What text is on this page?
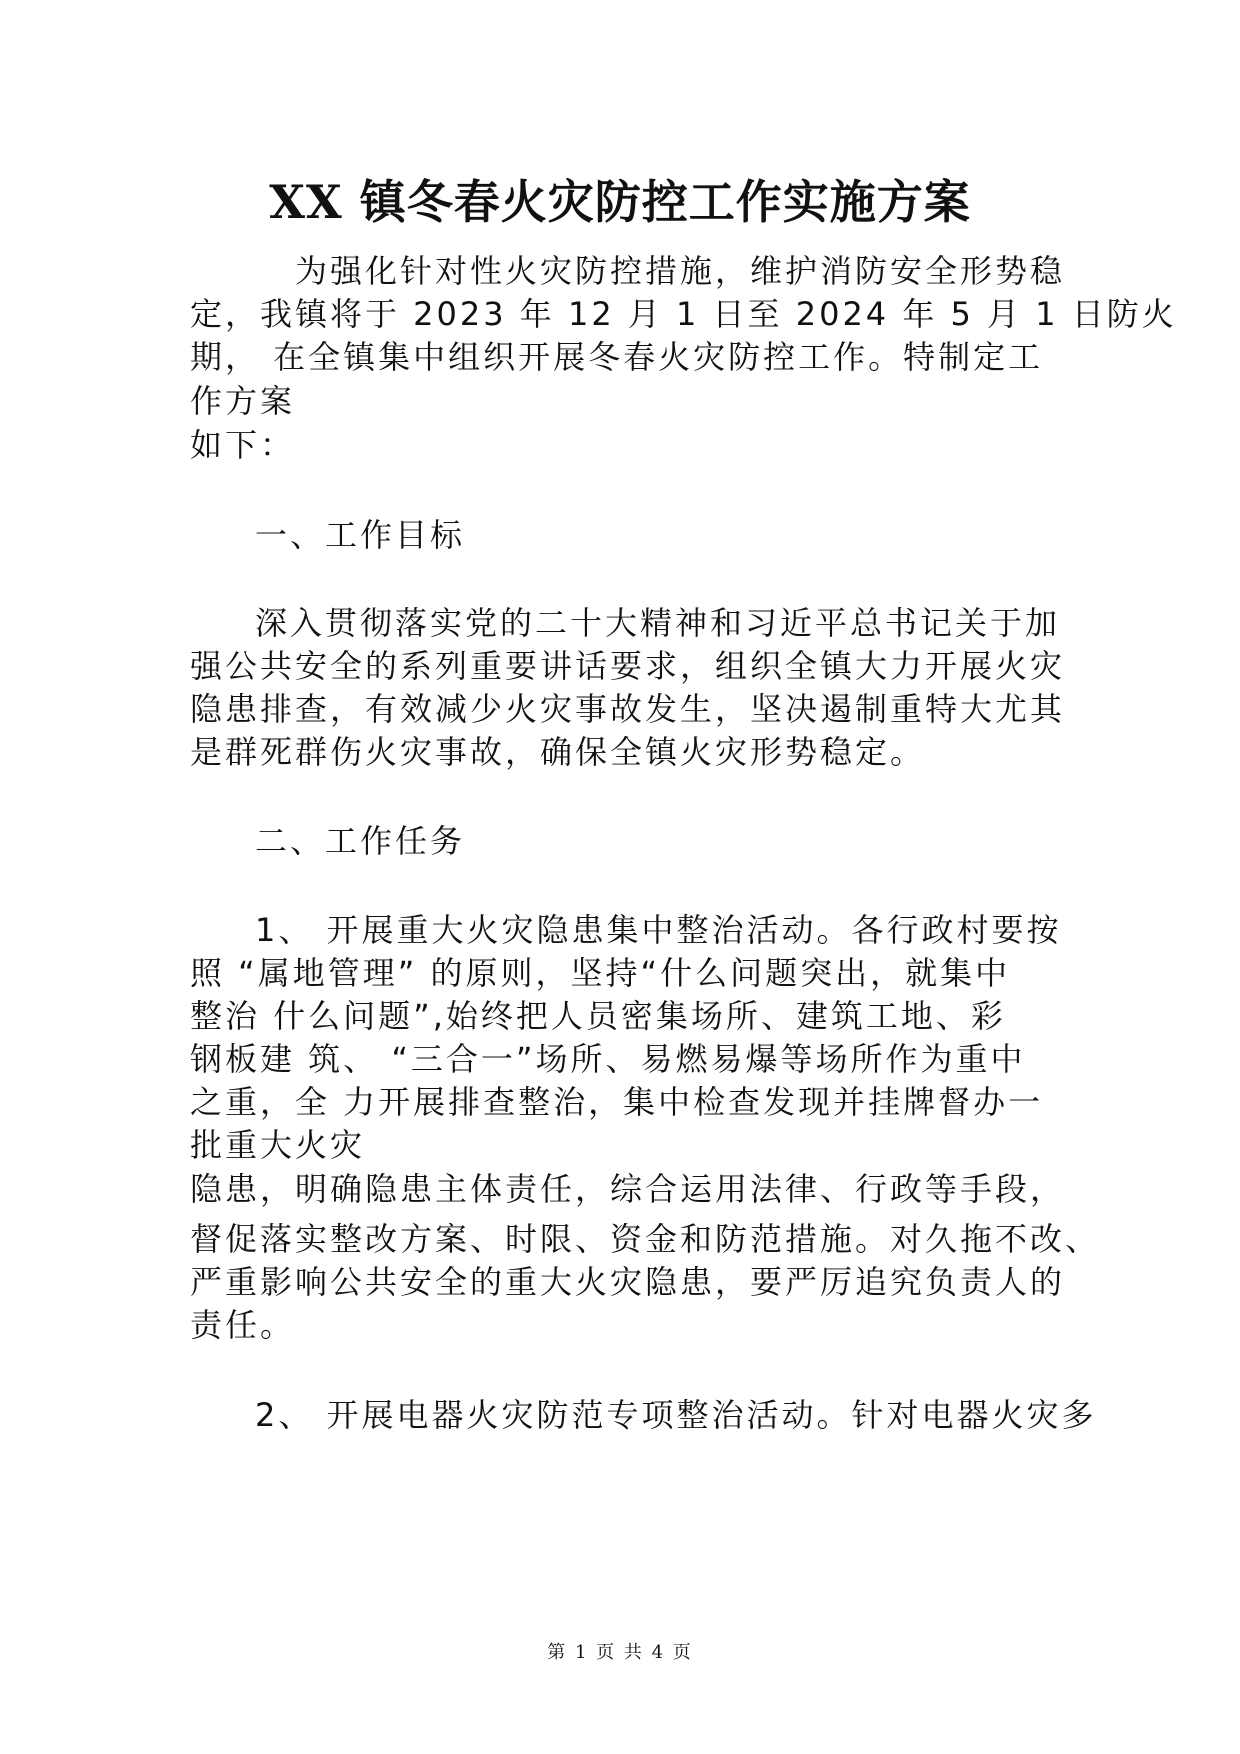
XX 镇冬春火灾防控工作实施方案
为强化针对性火灾防控措施，维护消防安全形势稳
定，我镇将于 2023 年 12 月 1 日至 2024 年 5 月 1 日防火
期， 在全镇集中组织开展冬春火灾防控工作。特制定工
作方案
如下：
一、工作目标
深入贯彻落实党的二十大精神和习近平总书记关于加
强公共安全的系列重要讲话要求，组织全镇大力开展火灾
隐患排查，有效减少火灾事故发生，坚决遏制重特大尤其
是群死群伤火灾事故，确保全镇火灾形势稳定。
二、工作任务
1、 开展重大火灾隐患集中整治活动。各行政村要按
照 “属地管理” 的原则，坚持“什么问题突出，就集中
整治 什么问题”,始终把人员密集场所、建筑工地、彩
钢板建 筑、 “三合一”场所、易燃易爆等场所作为重中
之重，全 力开展排查整治，集中检查发现并挂牌督办一
批重大火灾
隐患，明确隐患主体责任，综合运用法律、行政等手段，
督促落实整改方案、时限、资金和防范措施。对久拖不改、
严重影响公共安全的重大火灾隐患，要严厉追究负责人的
责任。
2、 开展电器火灾防范专项整治活动。针对电器火灾多
第 1 页 共 4 页
